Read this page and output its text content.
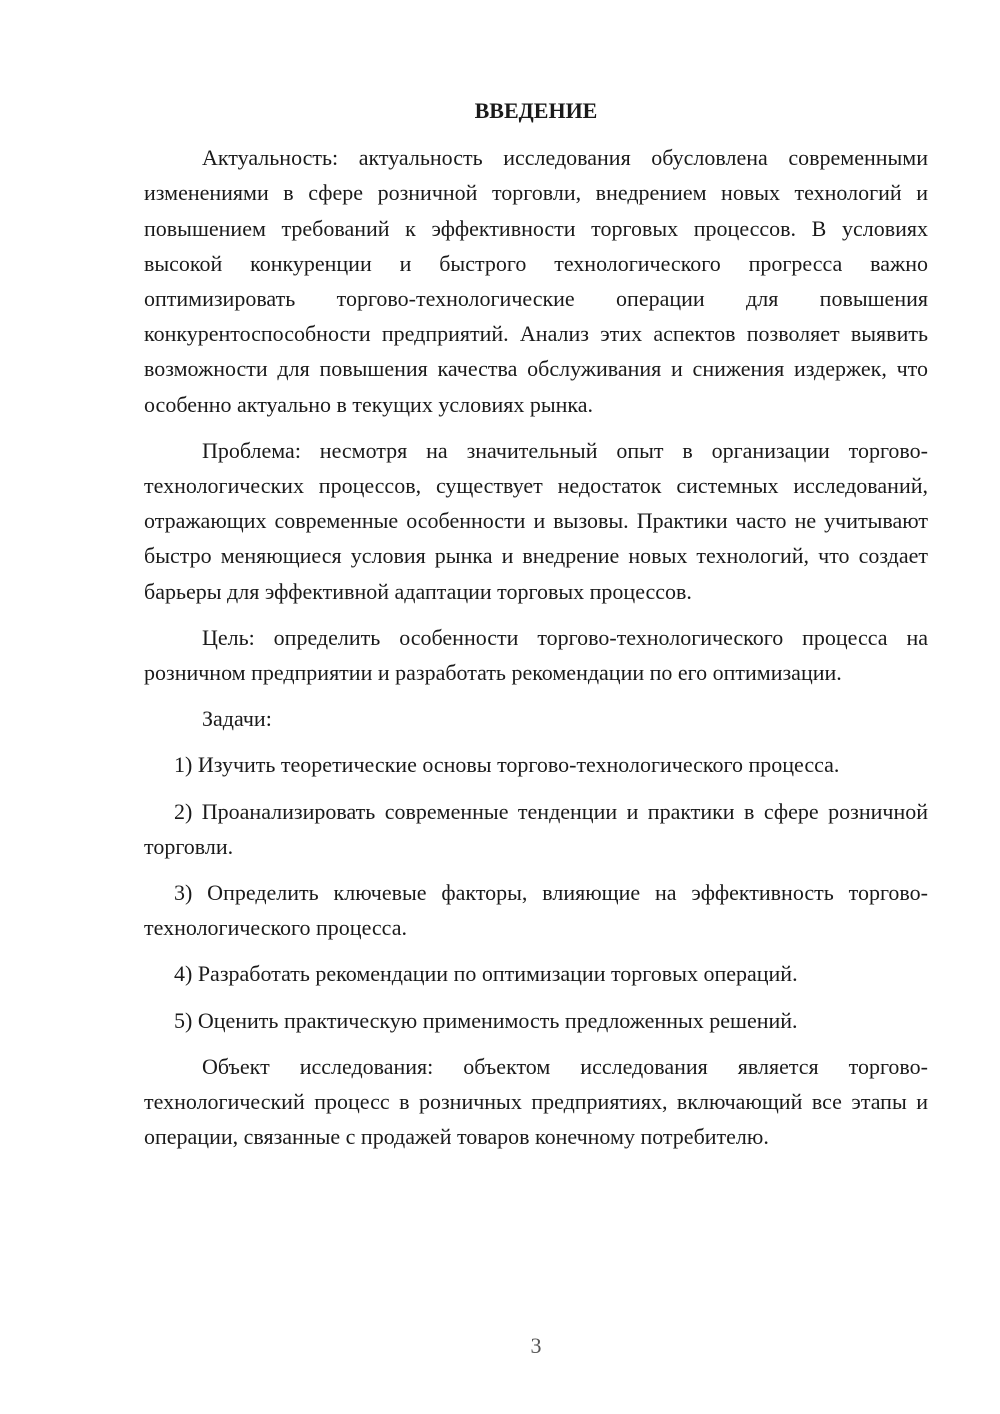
ВВЕДЕНИЕ

Актуальность: актуальность исследования обусловлена современными изменениями в сфере розничной торговли, внедрением новых технологий и повышением требований к эффективности торговых процессов. В условиях высокой конкуренции и быстрого технологического прогресса важно оптимизировать торгово-технологические операции для повышения конкурентоспособности предприятий. Анализ этих аспектов позволяет выявить возможности для повышения качества обслуживания и снижения издержек, что особенно актуально в текущих условиях рынка.

Проблема: несмотря на значительный опыт в организации торгово-технологических процессов, существует недостаток системных исследований, отражающих современные особенности и вызовы. Практики часто не учитывают быстро меняющиеся условия рынка и внедрение новых технологий, что создает барьеры для эффективной адаптации торговых процессов.

Цель: определить особенности торгово-технологического процесса на розничном предприятии и разработать рекомендации по его оптимизации.

Задачи:

1) Изучить теоретические основы торгово-технологического процесса.

2) Проанализировать современные тенденции и практики в сфере розничной торговли.

3) Определить ключевые факторы, влияющие на эффективность торгово-технологического процесса.

4) Разработать рекомендации по оптимизации торговых операций.

5) Оценить практическую применимость предложенных решений.

Объект исследования: объектом исследования является торгово-технологический процесс в розничных предприятиях, включающий все этапы и операции, связанные с продажей товаров конечному потребителю.

3
